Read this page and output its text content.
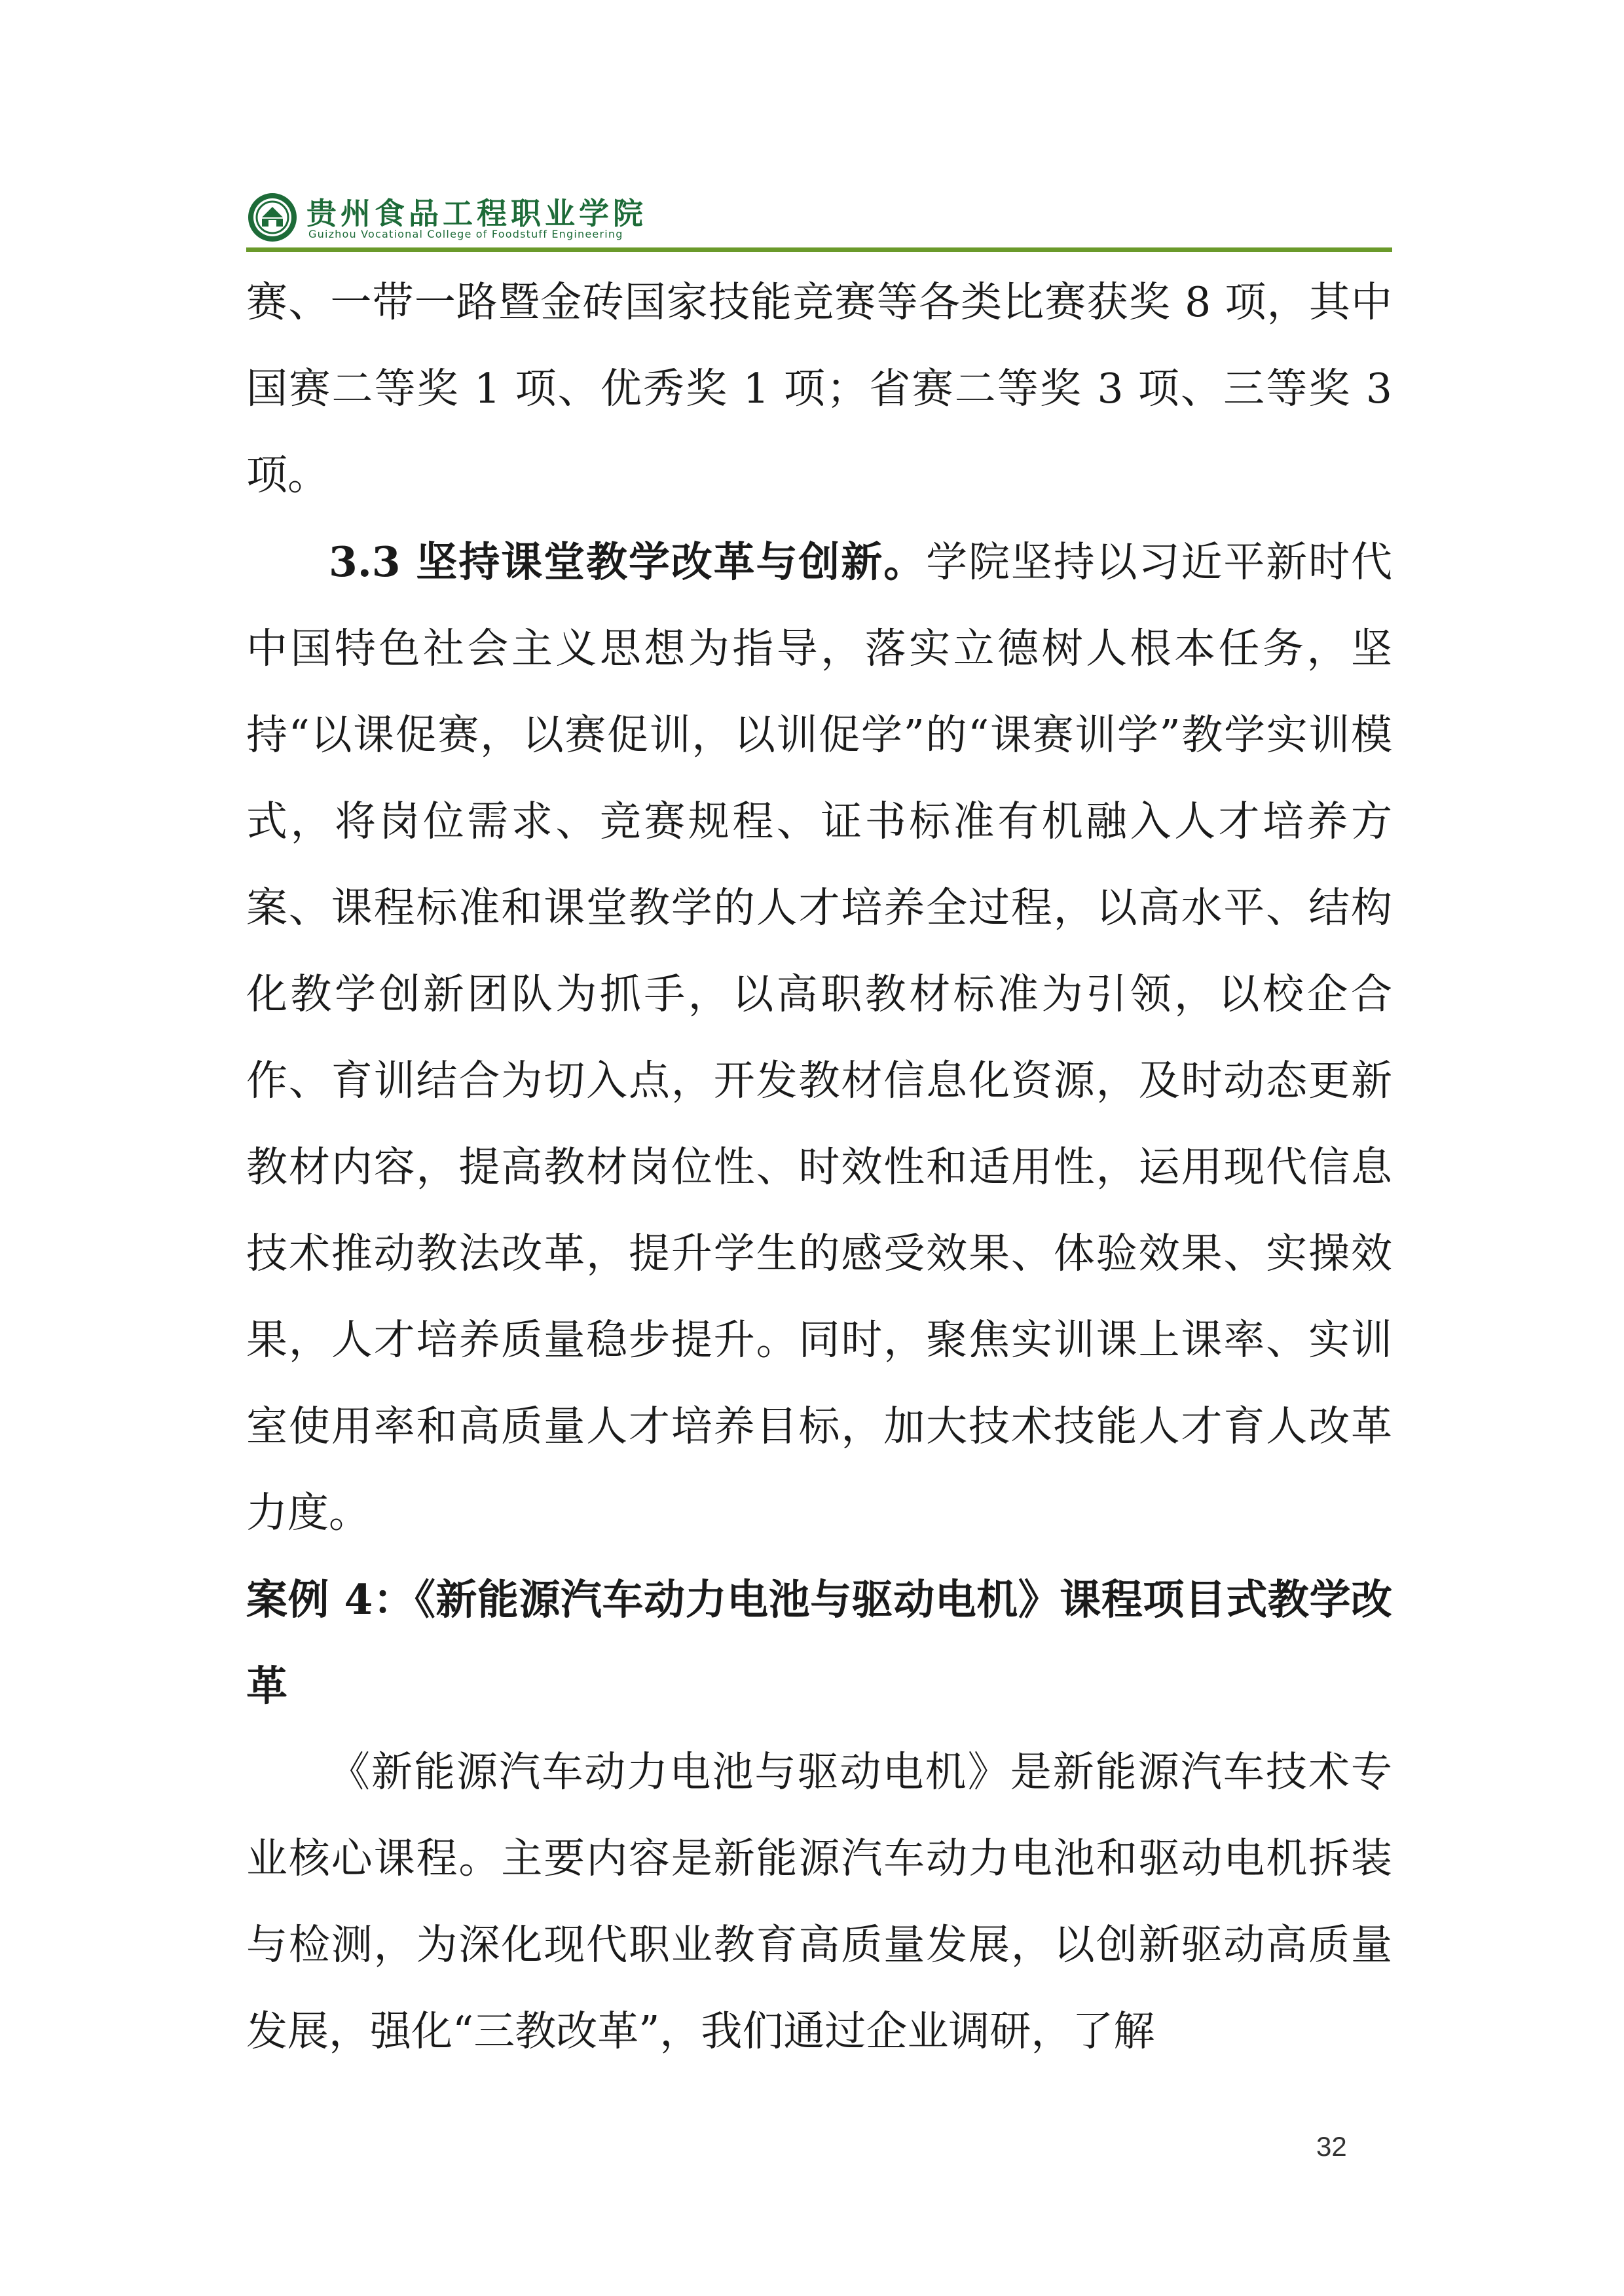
贵州食品工程职业学院
Guizhou Vocational College of Foodstuff Engineering

赛、一带一路暨金砖国家技能竞赛等各类比赛获奖 8 项，其中国赛二等奖 1 项、优秀奖 1 项；省赛二等奖 3 项、三等奖 3 项。

3.3 坚持课堂教学改革与创新。学院坚持以习近平新时代中国特色社会主义思想为指导，落实立德树人根本任务，坚持“以课促赛，以赛促训，以训促学”的“课赛训学”教学实训模式，将岗位需求、竞赛规程、证书标准有机融入人才培养方案、课程标准和课堂教学的人才培养全过程，以高水平、结构化教学创新团队为抓手，以高职教材标准为引领，以校企合作、育训结合为切入点，开发教材信息化资源，及时动态更新教材内容，提高教材岗位性、时效性和适用性，运用现代信息技术推动教法改革，提升学生的感受效果、体验效果、实操效果，人才培养质量稳步提升。同时，聚焦实训课上课率、实训室使用率和高质量人才培养目标，加大技术技能人才育人改革力度。

案例 4：《新能源汽车动力电池与驱动电机》课程项目式教学改革

《新能源汽车动力电池与驱动电机》是新能源汽车技术专业核心课程。主要内容是新能源汽车动力电池和驱动电机拆装与检测，为深化现代职业教育高质量发展，以创新驱动高质量发展，强化“三教改革”，我们通过企业调研，了解

32
